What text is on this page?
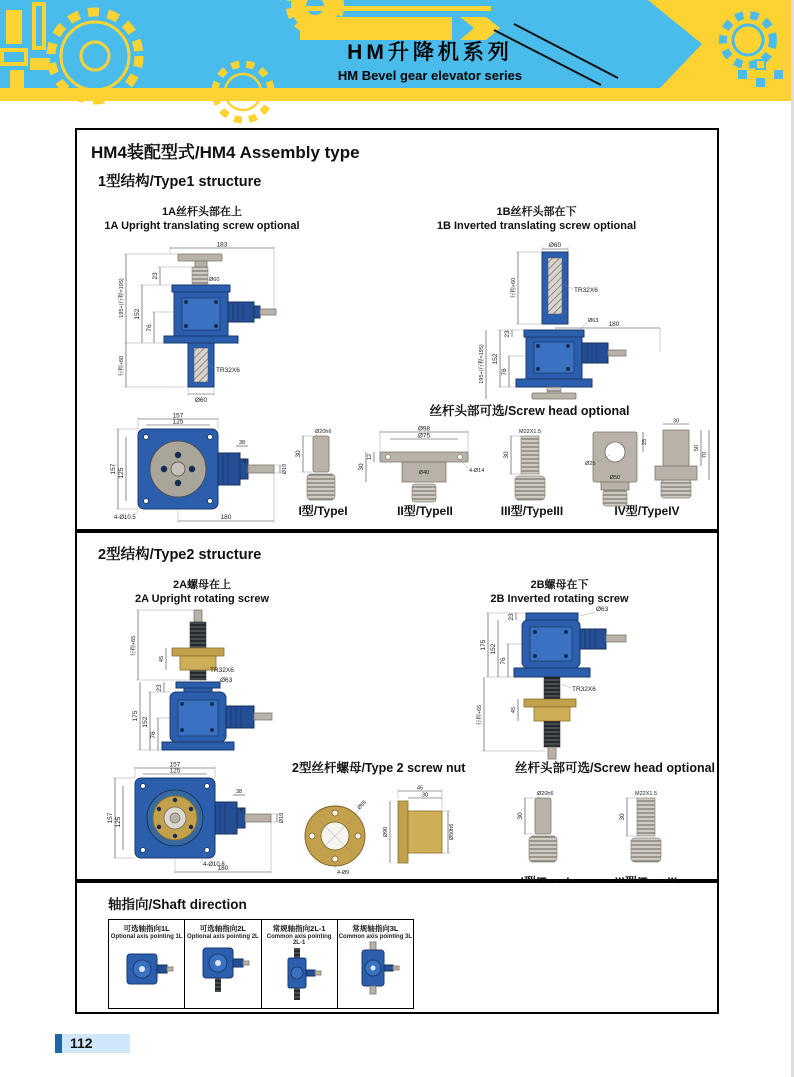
HM升降机系列
HM Bevel gear elevator series
HM4装配型式/HM4 Assembly type
1型结构/Type1 structure
1A丝杆头部在上
1A Upright translating screw optional
1B丝杆头部在下
1B Inverted translating screw optional
183
Ø60
TR32X6
Ø60
195+(行程=195)
行程+60
152
76
23
Ø60
TR32X6
行程+60
Ø63 180
23
152
76
195+(行程=195)
丝杆头部可选/Screw head optional
157
125
157 125
38
6
Ø19
180
4-Ø10.5
Ø20h6
30
I型/TypeI
Ø98
Ø75
12
30
Ø40	4-Ø14
II型/TypeII
M22X1.5
30
III型/TypeIII
25
Ø25
Ø50
30
50
70
IV型/TypeIV
2型结构/Type2 structure
2A螺母在上
2A Upright rotating screw
2B螺母在下
2B Inverted rotating screw
45
行程+65
TR32X6
Ø63
23
175
152
76
Ø63
23
175 152
76
TR32X6
45
行程+65
157
125
157 125
38
6
Ø19
180
4-Ø10.8
2型丝杆螺母/Type 2 screw nut
Ø65
4-Ø9
45
30
Ø90	Ø50h6
丝杆头部可选/Screw head optional
Ø20h6
30
M22X1.5
30
轴指向/Shaft direction
可选轴指向1L
Optional axis pointing 1L
可选轴指向2L
Optional axis pointing 2L
常规轴指向2L-1
Common axis pointing 2L-1
常规轴指向3L
Common axis pointing 3L
112
